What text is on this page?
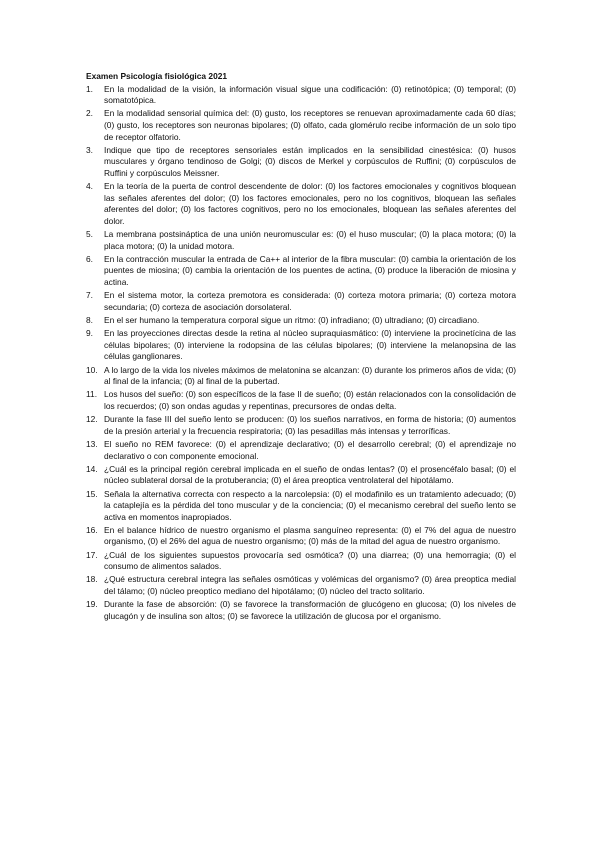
Examen Psicología fisiológica 2021
1. En la modalidad de la visión, la información visual sigue una codificación: (0) retinotópica; (0) temporal; (0) somatotópica.
2. En la modalidad sensorial química del: (0) gusto, los receptores se renuevan aproximadamente cada 60 días; (0) gusto, los receptores son neuronas bipolares; (0) olfato, cada glomérulo recibe información de un solo tipo de receptor olfatorio.
3. Indique que tipo de receptores sensoriales están implicados en la sensibilidad cinestésica: (0) husos musculares y órgano tendinoso de Golgi; (0) discos de Merkel y corpúsculos de Ruffini; (0) corpúsculos de Ruffini y corpúsculos Meissner.
4. En la teoría de la puerta de control descendente de dolor: (0) los factores emocionales y cognitivos bloquean las señales aferentes del dolor; (0) los factores emocionales, pero no los cognitivos, bloquean las señales aferentes del dolor; (0) los factores cognitivos, pero no los emocionales, bloquean las señales aferentes del dolor.
5. La membrana postsináptica de una unión neuromuscular es: (0) el huso muscular; (0) la placa motora; (0) la placa motora; (0) la unidad motora.
6. En la contracción muscular la entrada de Ca++ al interior de la fibra muscular: (0) cambia la orientación de los puentes de miosina; (0) cambia la orientación de los puentes de actina, (0) produce la liberación de miosina y actina.
7. En el sistema motor, la corteza premotora es considerada: (0) corteza motora primaria; (0) corteza motora secundaria; (0) corteza de asociación dorsolateral.
8. En el ser humano la temperatura corporal sigue un ritmo: (0) infradiano; (0) ultradiano; (0) circadiano.
9. En las proyecciones directas desde la retina al núcleo supraquiasmático: (0) interviene la procinetícina de las células bipolares; (0) interviene la rodopsina de las células bipolares; (0) interviene la melanopsina de las células ganglionares.
10. A lo largo de la vida los niveles máximos de melatonina se alcanzan: (0) durante los primeros años de vida; (0) al final de la infancia; (0) al final de la pubertad.
11. Los husos del sueño: (0) son específicos de la fase II de sueño; (0) están relacionados con la consolidación de los recuerdos; (0) son ondas agudas y repentinas, precursores de ondas delta.
12. Durante la fase III del sueño lento se producen: (0) los sueños narrativos, en forma de historia; (0) aumentos de la presión arterial y la frecuencia respiratoria; (0) las pesadillas más intensas y terroríficas.
13. El sueño no REM favorece: (0) el aprendizaje declarativo; (0) el desarrollo cerebral; (0) el aprendizaje no declarativo o con componente emocional.
14. ¿Cuál es la principal región cerebral implicada en el sueño de ondas lentas? (0) el prosencéfalo basal; (0) el núcleo sublateral dorsal de la protuberancia; (0) el área preoptica ventrolateral del hipotálamo.
15. Señala la alternativa correcta con respecto a la narcolepsia: (0) el modafinilo es un tratamiento adecuado; (0) la cataplejía es la pérdida del tono muscular y de la conciencia; (0) el mecanismo cerebral del sueño lento se activa en momentos inapropiados.
16. En el balance hídrico de nuestro organismo el plasma sanguíneo representa: (0) el 7% del agua de nuestro organismo, (0) el 26% del agua de nuestro organismo; (0) más de la mitad del agua de nuestro organismo.
17. ¿Cuál de los siguientes supuestos provocaría sed osmótica? (0) una diarrea; (0) una hemorragia; (0) el consumo de alimentos salados.
18. ¿Qué estructura cerebral integra las señales osmóticas y volémicas del organismo? (0) área preoptica medial del tálamo; (0) núcleo preoptico mediano del hipotálamo; (0) núcleo del tracto solitario.
19. Durante la fase de absorción: (0) se favorece la transformación de glucógeno en glucosa; (0) los niveles de glucagón y de insulina son altos; (0) se favorece la utilización de glucosa por el organismo.
